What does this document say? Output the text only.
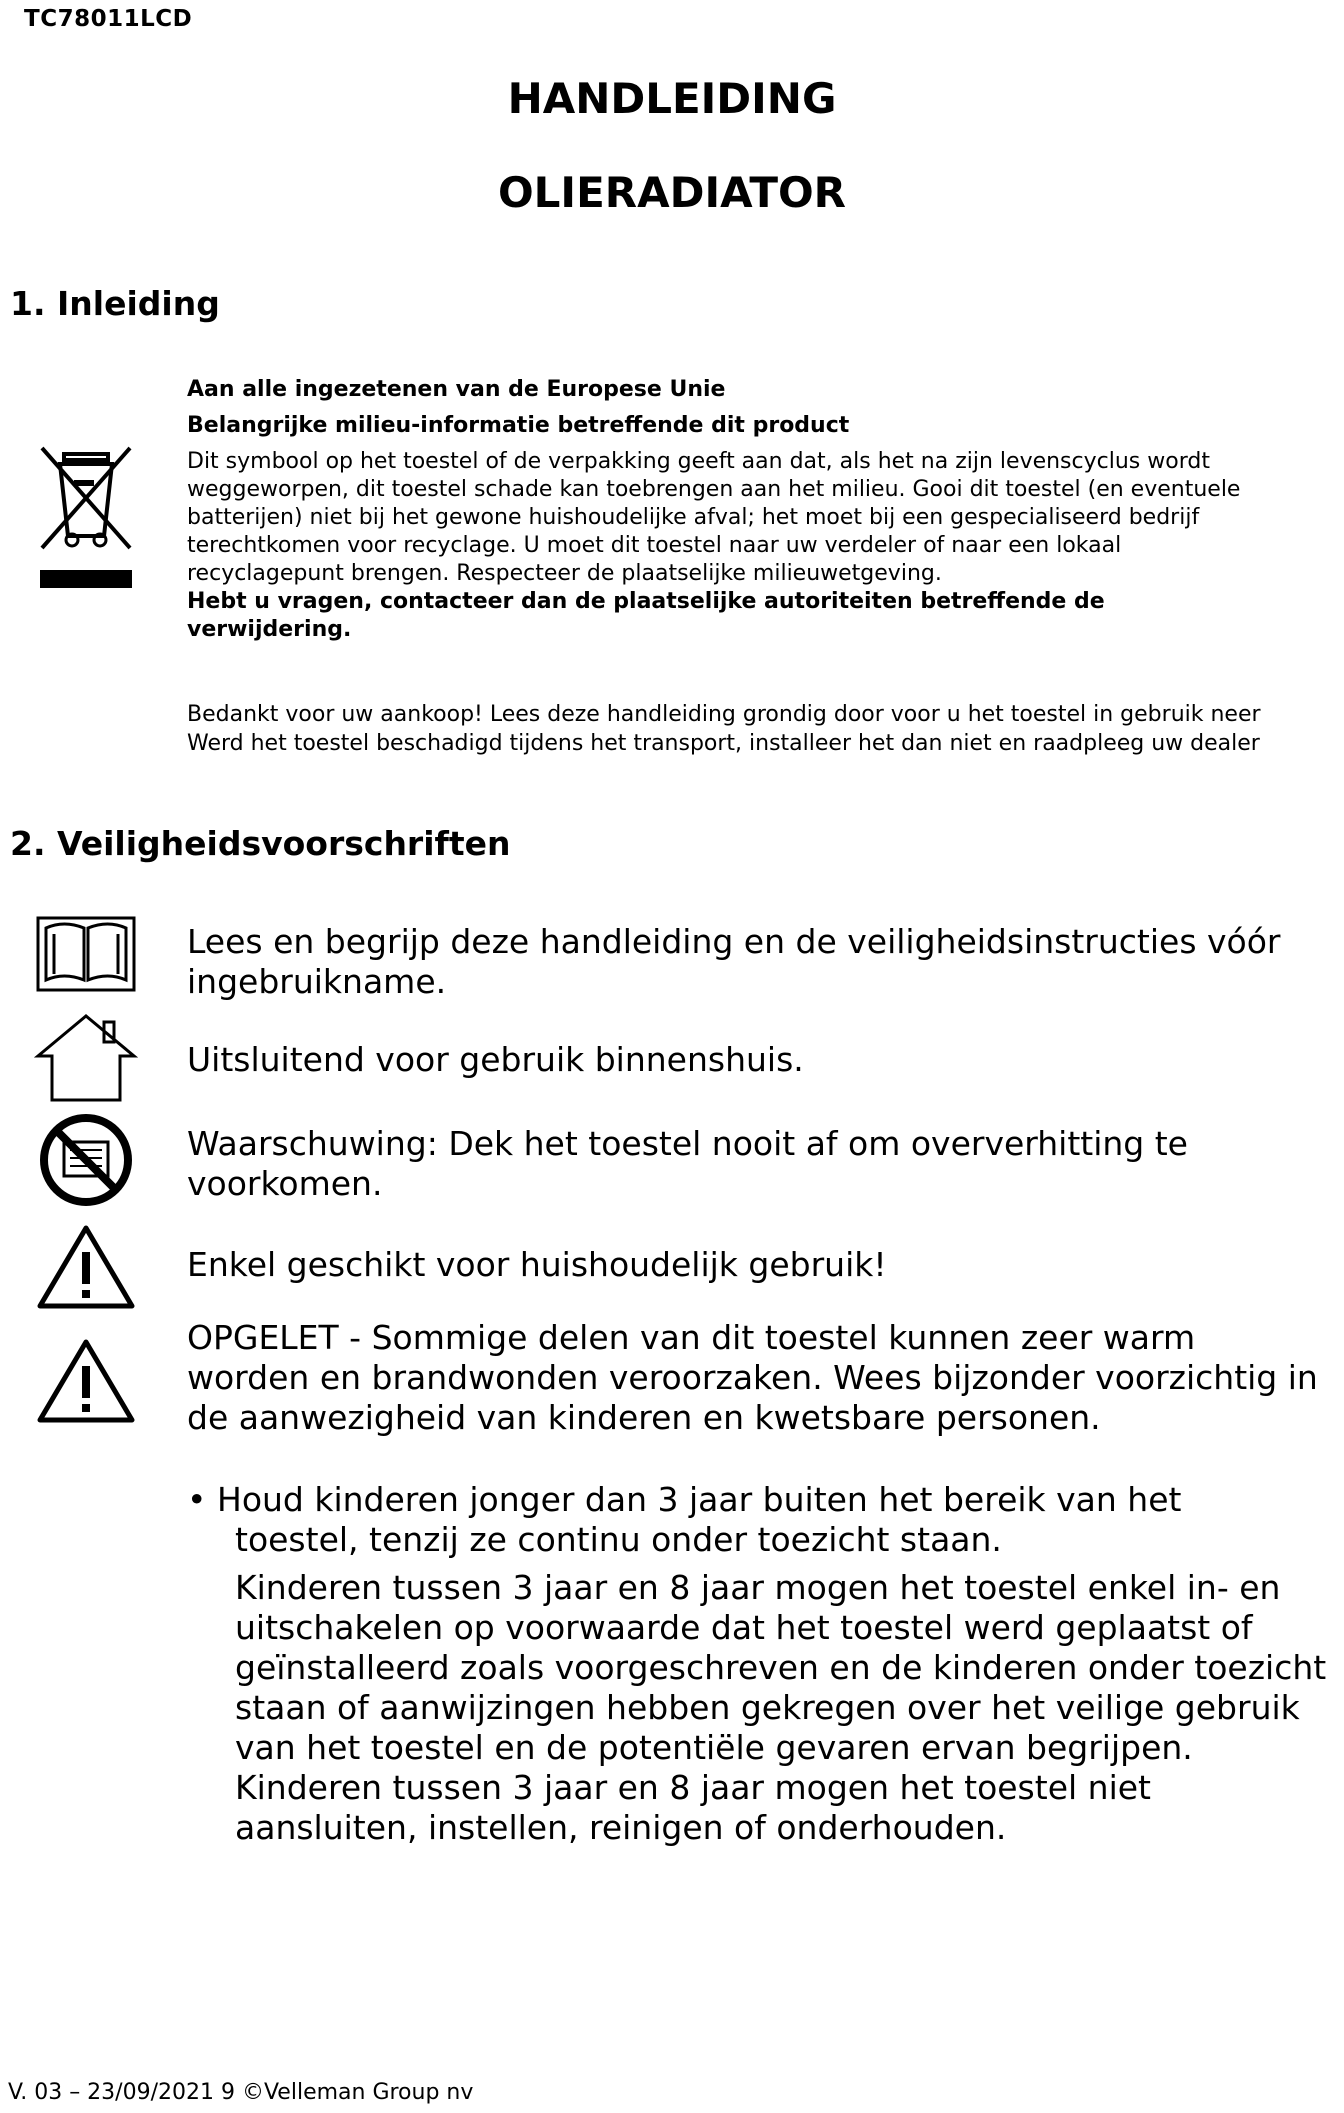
TC78011LCD
HANDLEIDING
OLIERADIATOR
1. Inleiding

Aan alle ingezetenen van de Europese Unie

Belangrijke milieu-informatie betreffende dit product

Dit symbool op het toestel of de verpakking geeft aan dat, als het na zijn levenscyclus wordt

weggeworpen, dit toestel schade kan toebrengen aan het milieu. Gooi dit toestel (en eventuele

batterijen) niet bij het gewone huishoudelijke afval; het moet bij een gespecialiseerd bedrijf

terechtkomen voor recyclage. U moet dit toestel naar uw verdeler of naar een lokaal

recyclagepunt brengen. Respecteer de plaatselijke milieuwetgeving.

Hebt u vragen, contacteer dan de plaatselijke autoriteiten betreffende de

verwijdering.

Bedankt voor uw aankoop! Lees deze handleiding grondig door voor u het toestel in gebruik neer

Werd het toestel beschadigd tijdens het transport, installeer het dan niet en raadpleeg uw dealer

2. Veiligheidsvoorschriften
Lees en begrijp deze handleiding en de veiligheidsinstructies vóór
ingebruikname.
Uitsluitend voor gebruik binnenshuis.
Waarschuwing: Dek het toestel nooit af om oververhitting te
voorkomen.
Enkel geschikt voor huishoudelijk gebruik!
OPGELET - Sommige delen van dit toestel kunnen zeer warm
worden en brandwonden veroorzaken. Wees bijzonder voorzichtig in
de aanwezigheid van kinderen en kwetsbare personen.
• Houd kinderen jonger dan 3 jaar buiten het bereik van het

toestel, tenzij ze continu onder toezicht staan.

Kinderen tussen 3 jaar en 8 jaar mogen het toestel enkel in- en

uitschakelen op voorwaarde dat het toestel werd geplaatst of

geïnstalleerd zoals voorgeschreven en de kinderen onder toezicht

staan of aanwijzingen hebben gekregen over het veilige gebruik

van het toestel en de potentiële gevaren ervan begrijpen.

Kinderen tussen 3 jaar en 8 jaar mogen het toestel niet

aansluiten, instellen, reinigen of onderhouden.

V. 03 – 23/09/2021 9 ©Velleman Group nv
